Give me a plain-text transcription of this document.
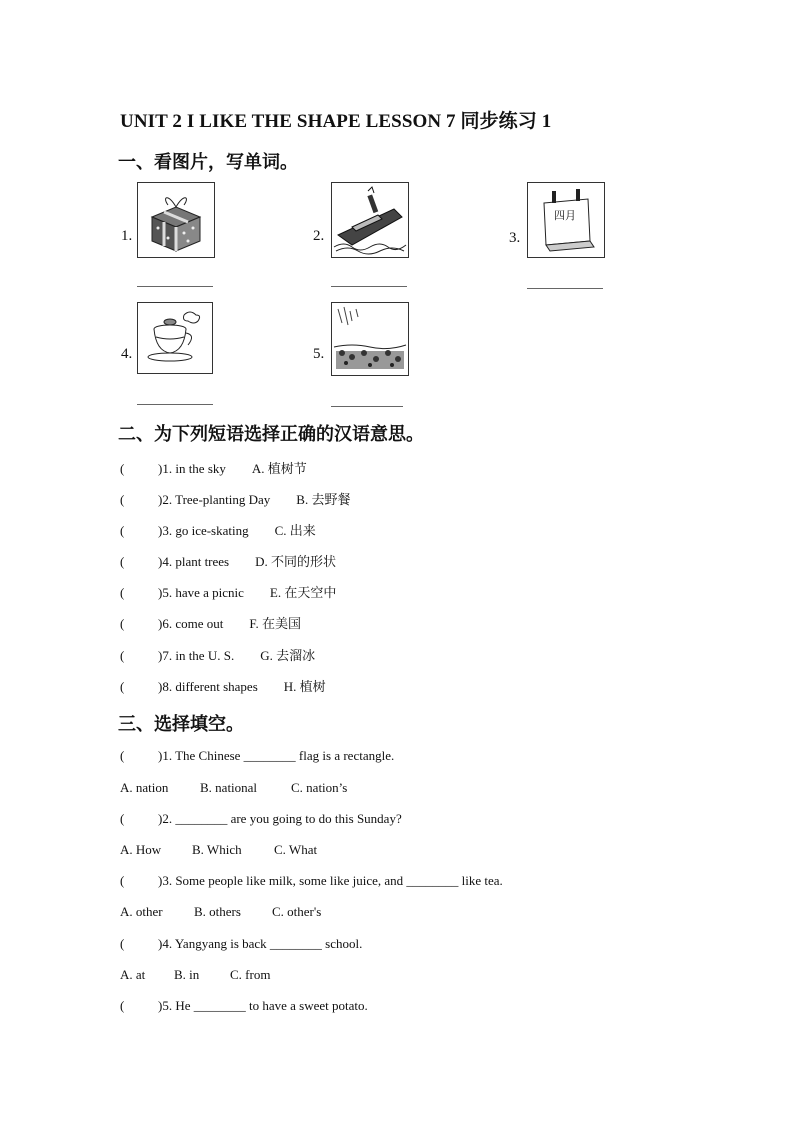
UNIT 2 I LIKE THE SHAPE LESSON 7 同步练习 1
一、看图片，写单词。
1.	2.	3.
四月
4.	5.
二、为下列短语选择正确的汉语意思。
(	)1. in the sky A. 植树节
(	)2. Tree-planting Day B. 去野餐
(	)3. go ice-skating C. 出来
(	)4. plant trees D. 不同的形状
(	)5. have a picnic E. 在天空中
(	)6. come out F. 在美国
(	)7. in the U. S. G. 去溜冰
(	)8. different shapes H. 植树
三、选择填空。
(	)1. The Chinese ________ flag is a rectangle.
A. nation B. national	C. nation’s
(	)2. ________ are you going to do this Sunday?
A. How B. Which C. What
(	)3. Some people like milk, some like juice, and ________ like tea.
A. other B. others C. other's
(	)4. Yangyang is back ________ school.
A. at B. in C. from
(	)5. He ________ to have a sweet potato.
